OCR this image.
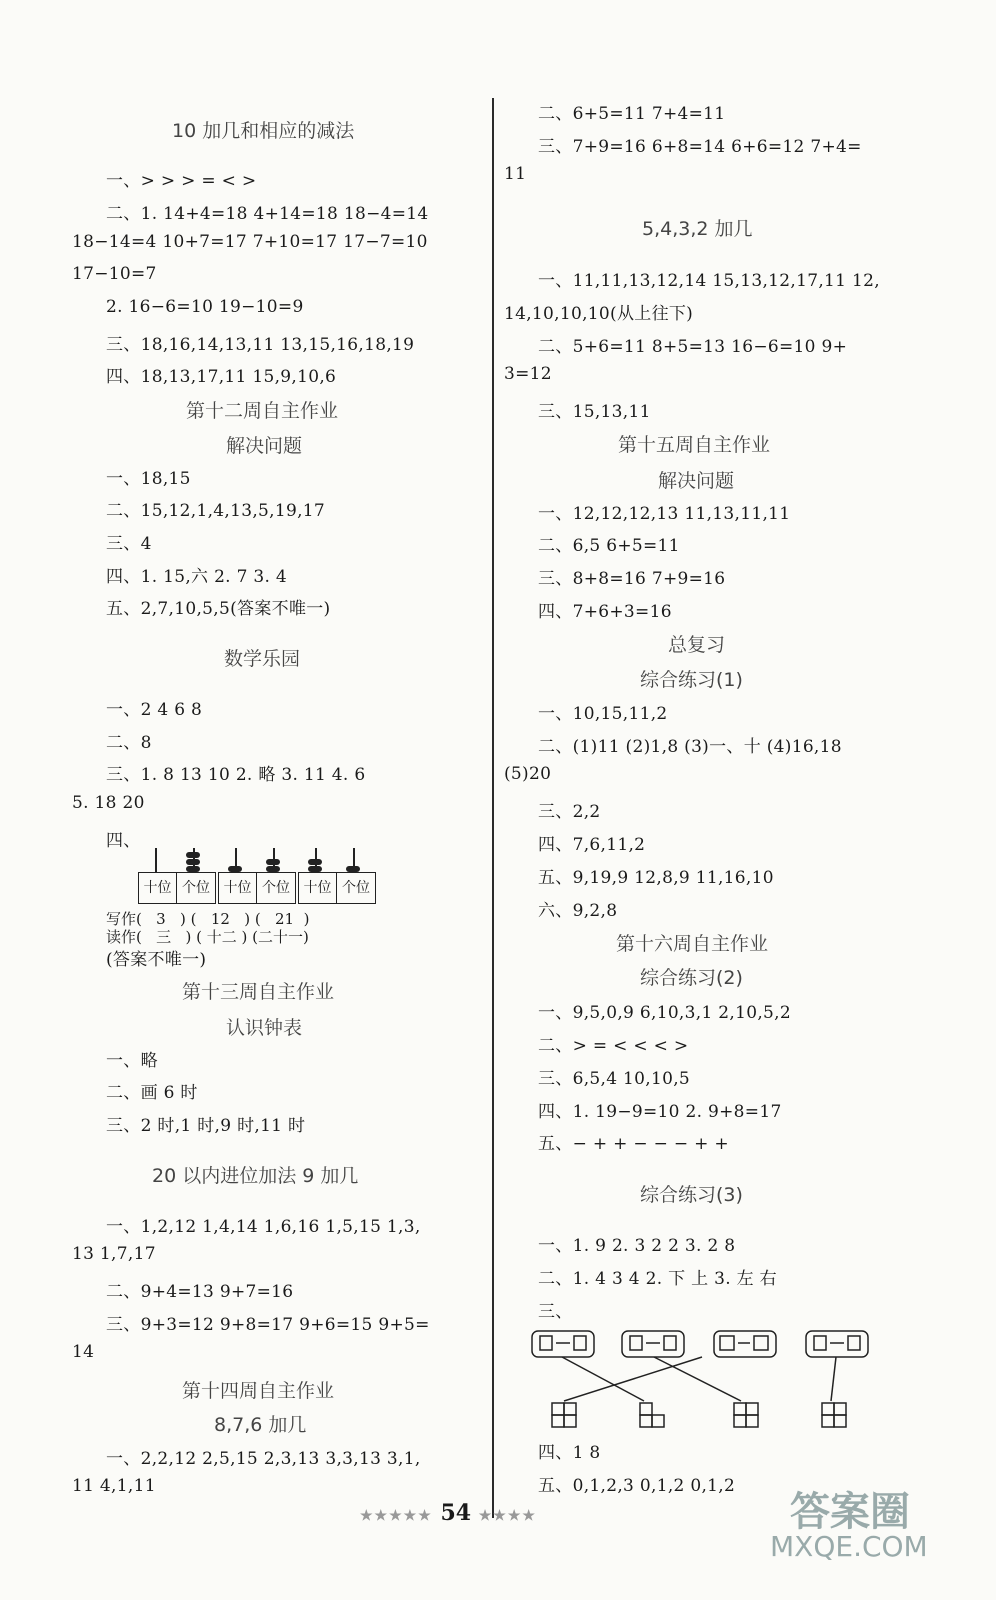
10 加几和相应的减法
一、> > > = < >
二、1. 14+4=18 4+14=18 18−4=14
18−14=4 10+7=17 7+10=17 17−7=10
17−10=7
2. 16−6=10 19−10=9
三、18,16,14,13,11 13,15,16,18,19
四、18,13,17,11 15,9,10,6
第十二周自主作业
解决问题
一、18,15
二、15,12,1,4,13,5,19,17
三、4
四、1. 15,六 2. 7 3. 4
五、2,7,10,5,5(答案不唯一)
数学乐园
一、2 4 6 8
二、8
三、1. 8 13 10 2. 略 3. 11 4. 6
5. 18 20
四、
十位 个位 十位 个位 十位 个位
写作( 3   ) (   12   ) (   21  )
读作( 三   ) ( 十二 ) (二十一)
(答案不唯一)
第十三周自主作业
认识钟表
一、略
二、画 6 时
三、2 时,1 时,9 时,11 时
20 以内进位加法 9 加几
一、1,2,12 1,4,14 1,6,16 1,5,15 1,3,
13 1,7,17
二、9+4=13 9+7=16
三、9+3=12 9+8=17 9+6=15 9+5=
14
第十四周自主作业
8,7,6 加几
一、2,2,12 2,5,15 2,3,13 3,3,13 3,1,
11 4,1,11
二、6+5=11 7+4=11
三、7+9=16 6+8=14 6+6=12 7+4=
11
5,4,3,2 加几
一、11,11,13,12,14 15,13,12,17,11 12,
14,10,10,10(从上往下)
二、5+6=11 8+5=13 16−6=10 9+
3=12
三、15,13,11
第十五周自主作业
解决问题
一、12,12,12,13 11,13,11,11
二、6,5 6+5=11
三、8+8=16 7+9=16
四、7+6+3=16
总复习
综合练习(1)
一、10,15,11,2
二、(1)11 (2)1,8 (3)一、十 (4)16,18
(5)20
三、2,2
四、7,6,11,2
五、9,19,9 12,8,9 11,16,10
六、9,2,8
第十六周自主作业
综合练习(2)
一、9,5,0,9 6,10,3,1 2,10,5,2
二、> = < < < >
三、6,5,4 10,10,5
四、1. 19−9=10 2. 9+8=17
五、− + + − − − + +
综合练习(3)
一、1. 9 2. 3 2 2 3. 2 8
二、1. 4 3 4 2. 下 上 3. 左 右
三、
四、1 8
五、0,1,2,3 0,1,2 0,1,2
★★★★★ 54 ★★★★	答案圈
MXQE.COM
